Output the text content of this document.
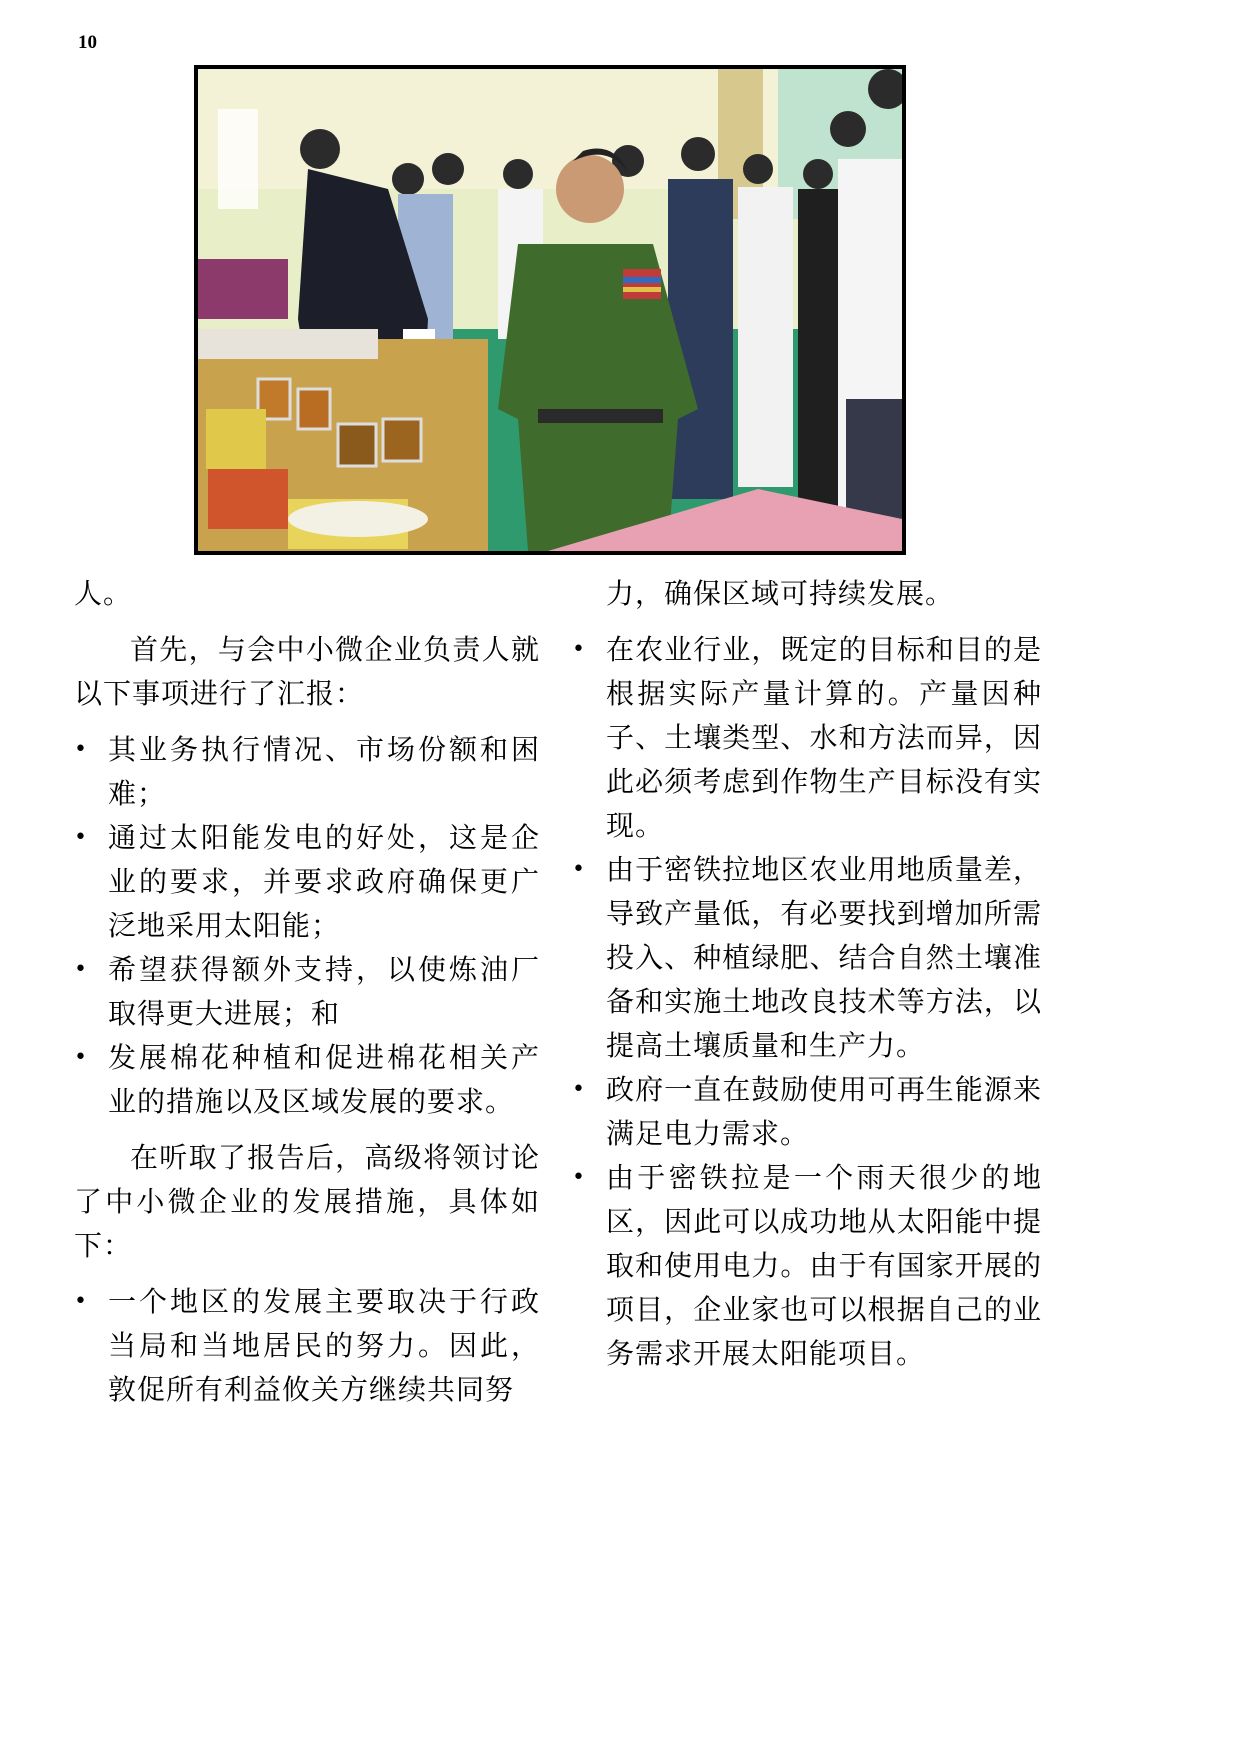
10

人。

首先，与会中小微企业负责人就以下事项进行了汇报：

• 其业务执行情况、市场份额和困难；
• 通过太阳能发电的好处，这是企业的要求，并要求政府确保更广泛地采用太阳能；
• 希望获得额外支持，以使炼油厂取得更大进展；和
• 发展棉花种植和促进棉花相关产业的措施以及区域发展的要求。

在听取了报告后，高级将领讨论了中小微企业的发展措施，具体如下：

• 一个地区的发展主要取决于行政当局和当地居民的努力。因此，敦促所有利益攸关方继续共同努

力，确保区域可持续发展。

• 在农业行业，既定的目标和目的是根据实际产量计算的。产量因种子、土壤类型、水和方法而异，因此必须考虑到作物生产目标没有实现。
• 由于密铁拉地区农业用地质量差，导致产量低，有必要找到增加所需投入、种植绿肥、结合自然土壤准备和实施土地改良技术等方法，以提高土壤质量和生产力。
• 政府一直在鼓励使用可再生能源来满足电力需求。
• 由于密铁拉是一个雨天很少的地区，因此可以成功地从太阳能中提取和使用电力。由于有国家开展的项目，企业家也可以根据自己的业务需求开展太阳能项目。
